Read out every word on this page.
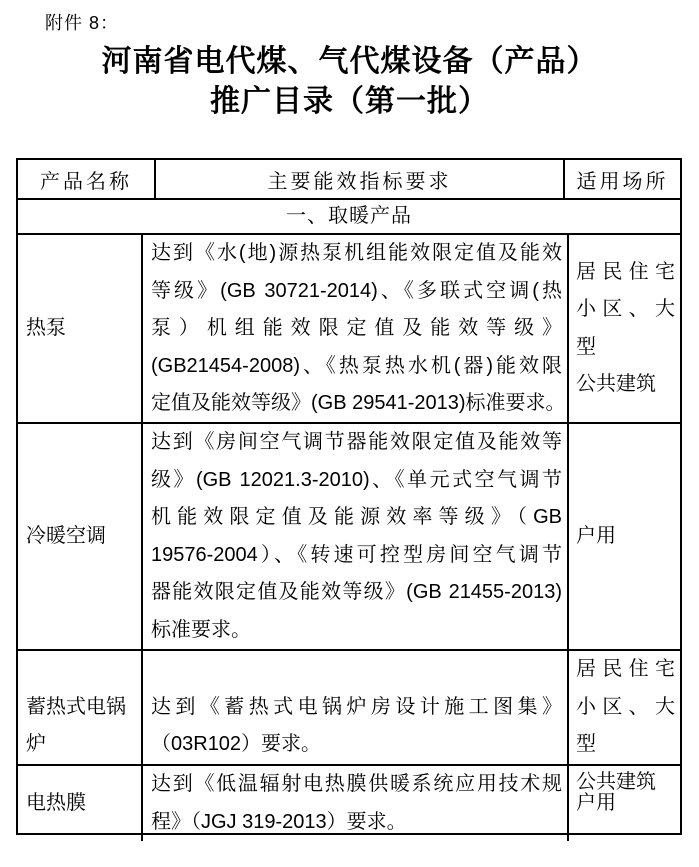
附件 8：
河南省电代煤、气代煤设备（产品）
推广目录（第一批）
产品名称	主要能效指标要求	适用场所
一、取暖产品
热泵
达到《水(地)源热泵机组能效限定值及能效
等级》(GB 30721-2014)、《多联式空调(热
泵）机组能效限定值及能效等级》
(GB21454-2008)、《热泵热水机(器)能效限
定值及能效等级》(GB 29541-2013)标准要求。
居民住宅
小区、大型
公共建筑
冷暖空调
达到《房间空气调节器能效限定值及能效等
级》(GB 12021.3-2010)、《单元式空气调节
机能效限定值及能源效率等级》（GB
19576-2004）、《转速可控型房间空气调节
器能效限定值及能效等级》(GB 21455-2013)
标准要求。
户用
蓄热式电锅炉
达到《蓄热式电锅炉房设计施工图集》
（03R102）要求。
居民住宅
小区、大型
公共建筑
电热膜
达到《低温辐射电热膜供暖系统应用技术规
程》（JGJ 319-2013）要求。
户用
